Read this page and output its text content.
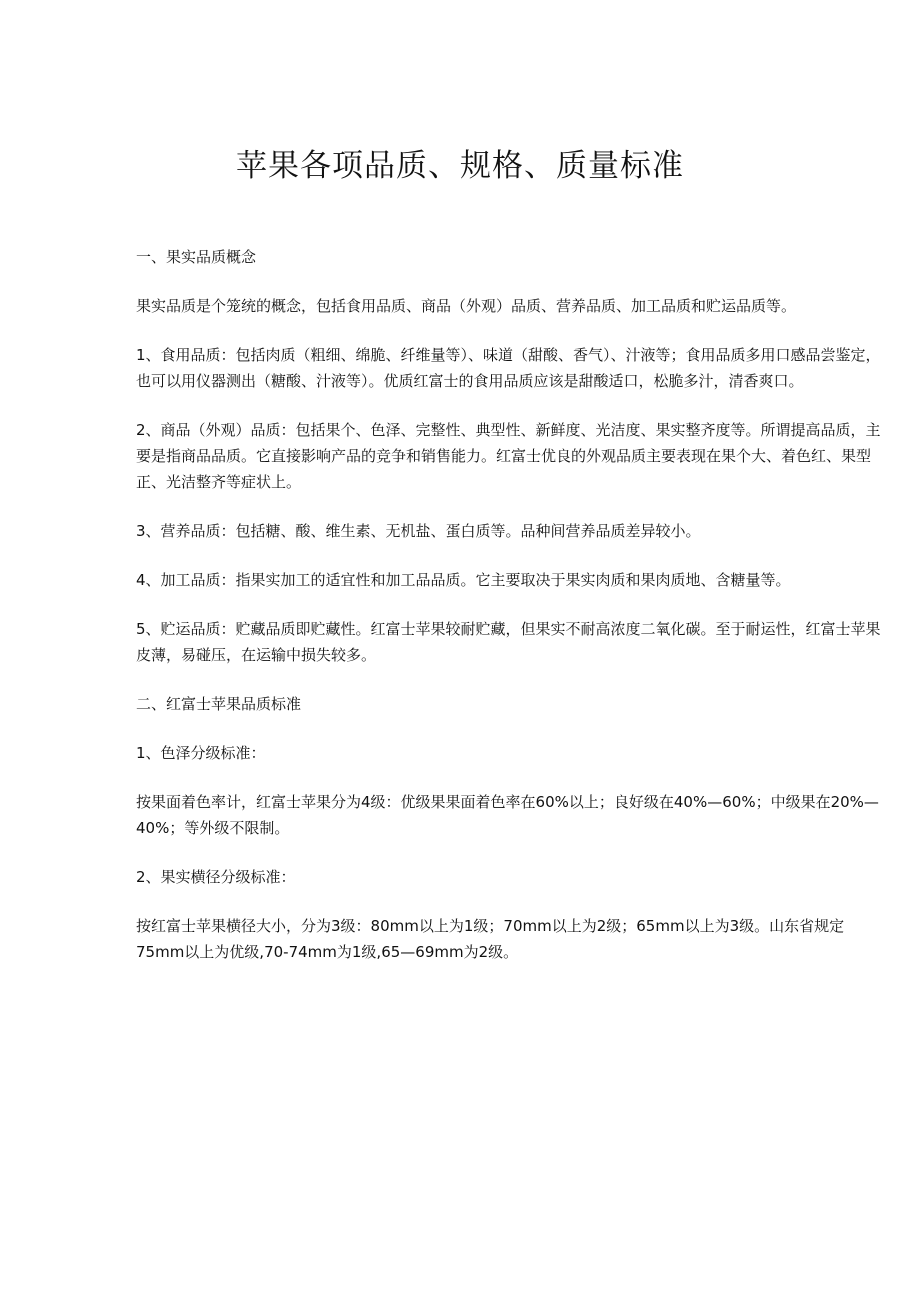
苹果各项品质、规格、质量标准

一、果实品质概念

果实品质是个笼统的概念，包括食用品质、商品（外观）品质、营养品质、加工品质和贮运品质等。

1、食用品质：包括肉质（粗细、绵脆、纤维量等）、味道（甜酸、香气）、汁液等；食用品质多用口感品尝鉴定，也可以用仪器测出（糖酸、汁液等）。优质红富士的食用品质应该是甜酸适口，松脆多汁，清香爽口。

2、商品（外观）品质：包括果个、色泽、完整性、典型性、新鲜度、光洁度、果实整齐度等。所谓提高品质，主要是指商品品质。它直接影响产品的竞争和销售能力。红富士优良的外观品质主要表现在果个大、着色红、果型正、光洁整齐等症状上。

3、营养品质：包括糖、酸、维生素、无机盐、蛋白质等。品种间营养品质差异较小。

4、加工品质：指果实加工的适宜性和加工品品质。它主要取决于果实肉质和果肉质地、含糖量等。

5、贮运品质：贮藏品质即贮藏性。红富士苹果较耐贮藏，但果实不耐高浓度二氧化碳。至于耐运性，红富士苹果皮薄，易碰压，在运输中损失较多。

二、红富士苹果品质标准

1、色泽分级标准：

按果面着色率计，红富士苹果分为4级：优级果果面着色率在60%以上；良好级在40%—60%；中级果在20%—40%；等外级不限制。

2、果实横径分级标准：

按红富士苹果横径大小，分为3级：80mm以上为1级；70mm以上为2级；65mm以上为3级。山东省规定75mm以上为优级,70-74mm为1级,65—69mm为2级。
